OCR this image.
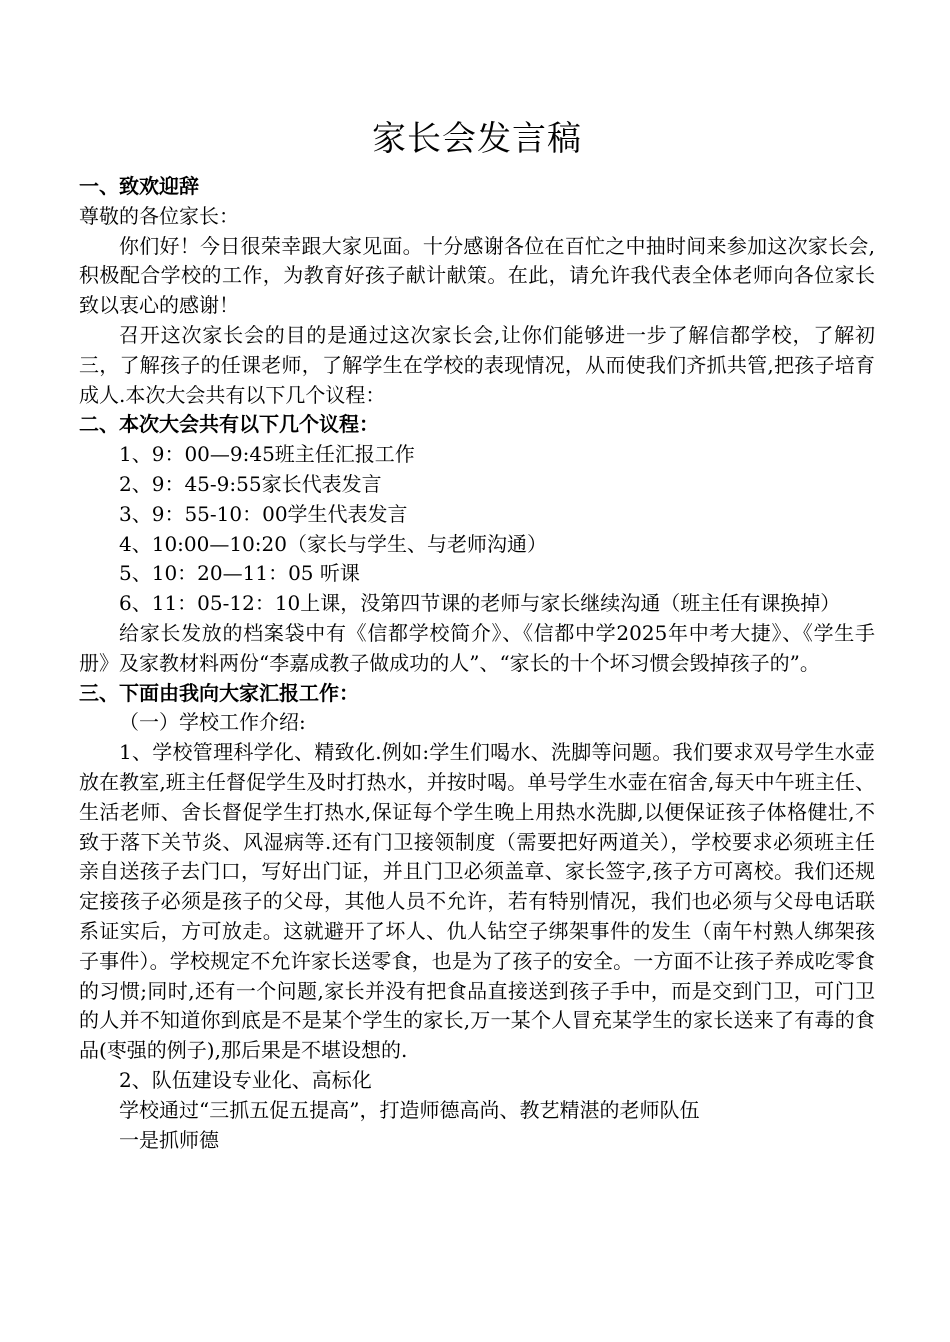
家长会发言稿

一、致欢迎辞

尊敬的各位家长：

你们好！今日很荣幸跟大家见面。十分感谢各位在百忙之中抽时间来参加这次家长会,积极配合学校的工作，为教育好孩子献计献策。在此，请允许我代表全体老师向各位家长致以衷心的感谢！

召开这次家长会的目的是通过这次家长会,让你们能够进一步了解信都学校，了解初三，了解孩子的任课老师，了解学生在学校的表现情况，从而使我们齐抓共管,把孩子培育成人.本次大会共有以下几个议程：

二、本次大会共有以下几个议程：

1、9：00—9:45班主任汇报工作

2、9：45-9:55家长代表发言

3、9：55-10：00学生代表发言

4、10:00—10:20（家长与学生、与老师沟通）

5、10：20—11：05 听课

6、11：05-12：10上课，没第四节课的老师与家长继续沟通（班主任有课换掉）

给家长发放的档案袋中有《信都学校简介》、《信都中学2025年中考大捷》、《学生手册》及家教材料两份“李嘉成教子做成功的人”、“家长的十个坏习惯会毁掉孩子的”。

三、下面由我向大家汇报工作：

（一）学校工作介绍:

1、学校管理科学化、精致化.例如:学生们喝水、洗脚等问题。我们要求双号学生水壶放在教室,班主任督促学生及时打热水，并按时喝。单号学生水壶在宿舍,每天中午班主任、生活老师、舍长督促学生打热水,保证每个学生晚上用热水洗脚,以便保证孩子体格健壮,不致于落下关节炎、风湿病等.还有门卫接领制度（需要把好两道关），学校要求必须班主任亲自送孩子去门口，写好出门证，并且门卫必须盖章、家长签字,孩子方可离校。我们还规定接孩子必须是孩子的父母，其他人员不允许，若有特别情况，我们也必须与父母电话联系证实后，方可放走。这就避开了坏人、仇人钻空子绑架事件的发生（南午村熟人绑架孩子事件）。学校规定不允许家长送零食，也是为了孩子的安全。一方面不让孩子养成吃零食的习惯;同时,还有一个问题,家长并没有把食品直接送到孩子手中，而是交到门卫，可门卫的人并不知道你到底是不是某个学生的家长,万一某个人冒充某学生的家长送来了有毒的食品(枣强的例子),那后果是不堪设想的.

2、队伍建设专业化、高标化

学校通过“三抓五促五提高”，打造师德高尚、教艺精湛的老师队伍

一是抓师德
